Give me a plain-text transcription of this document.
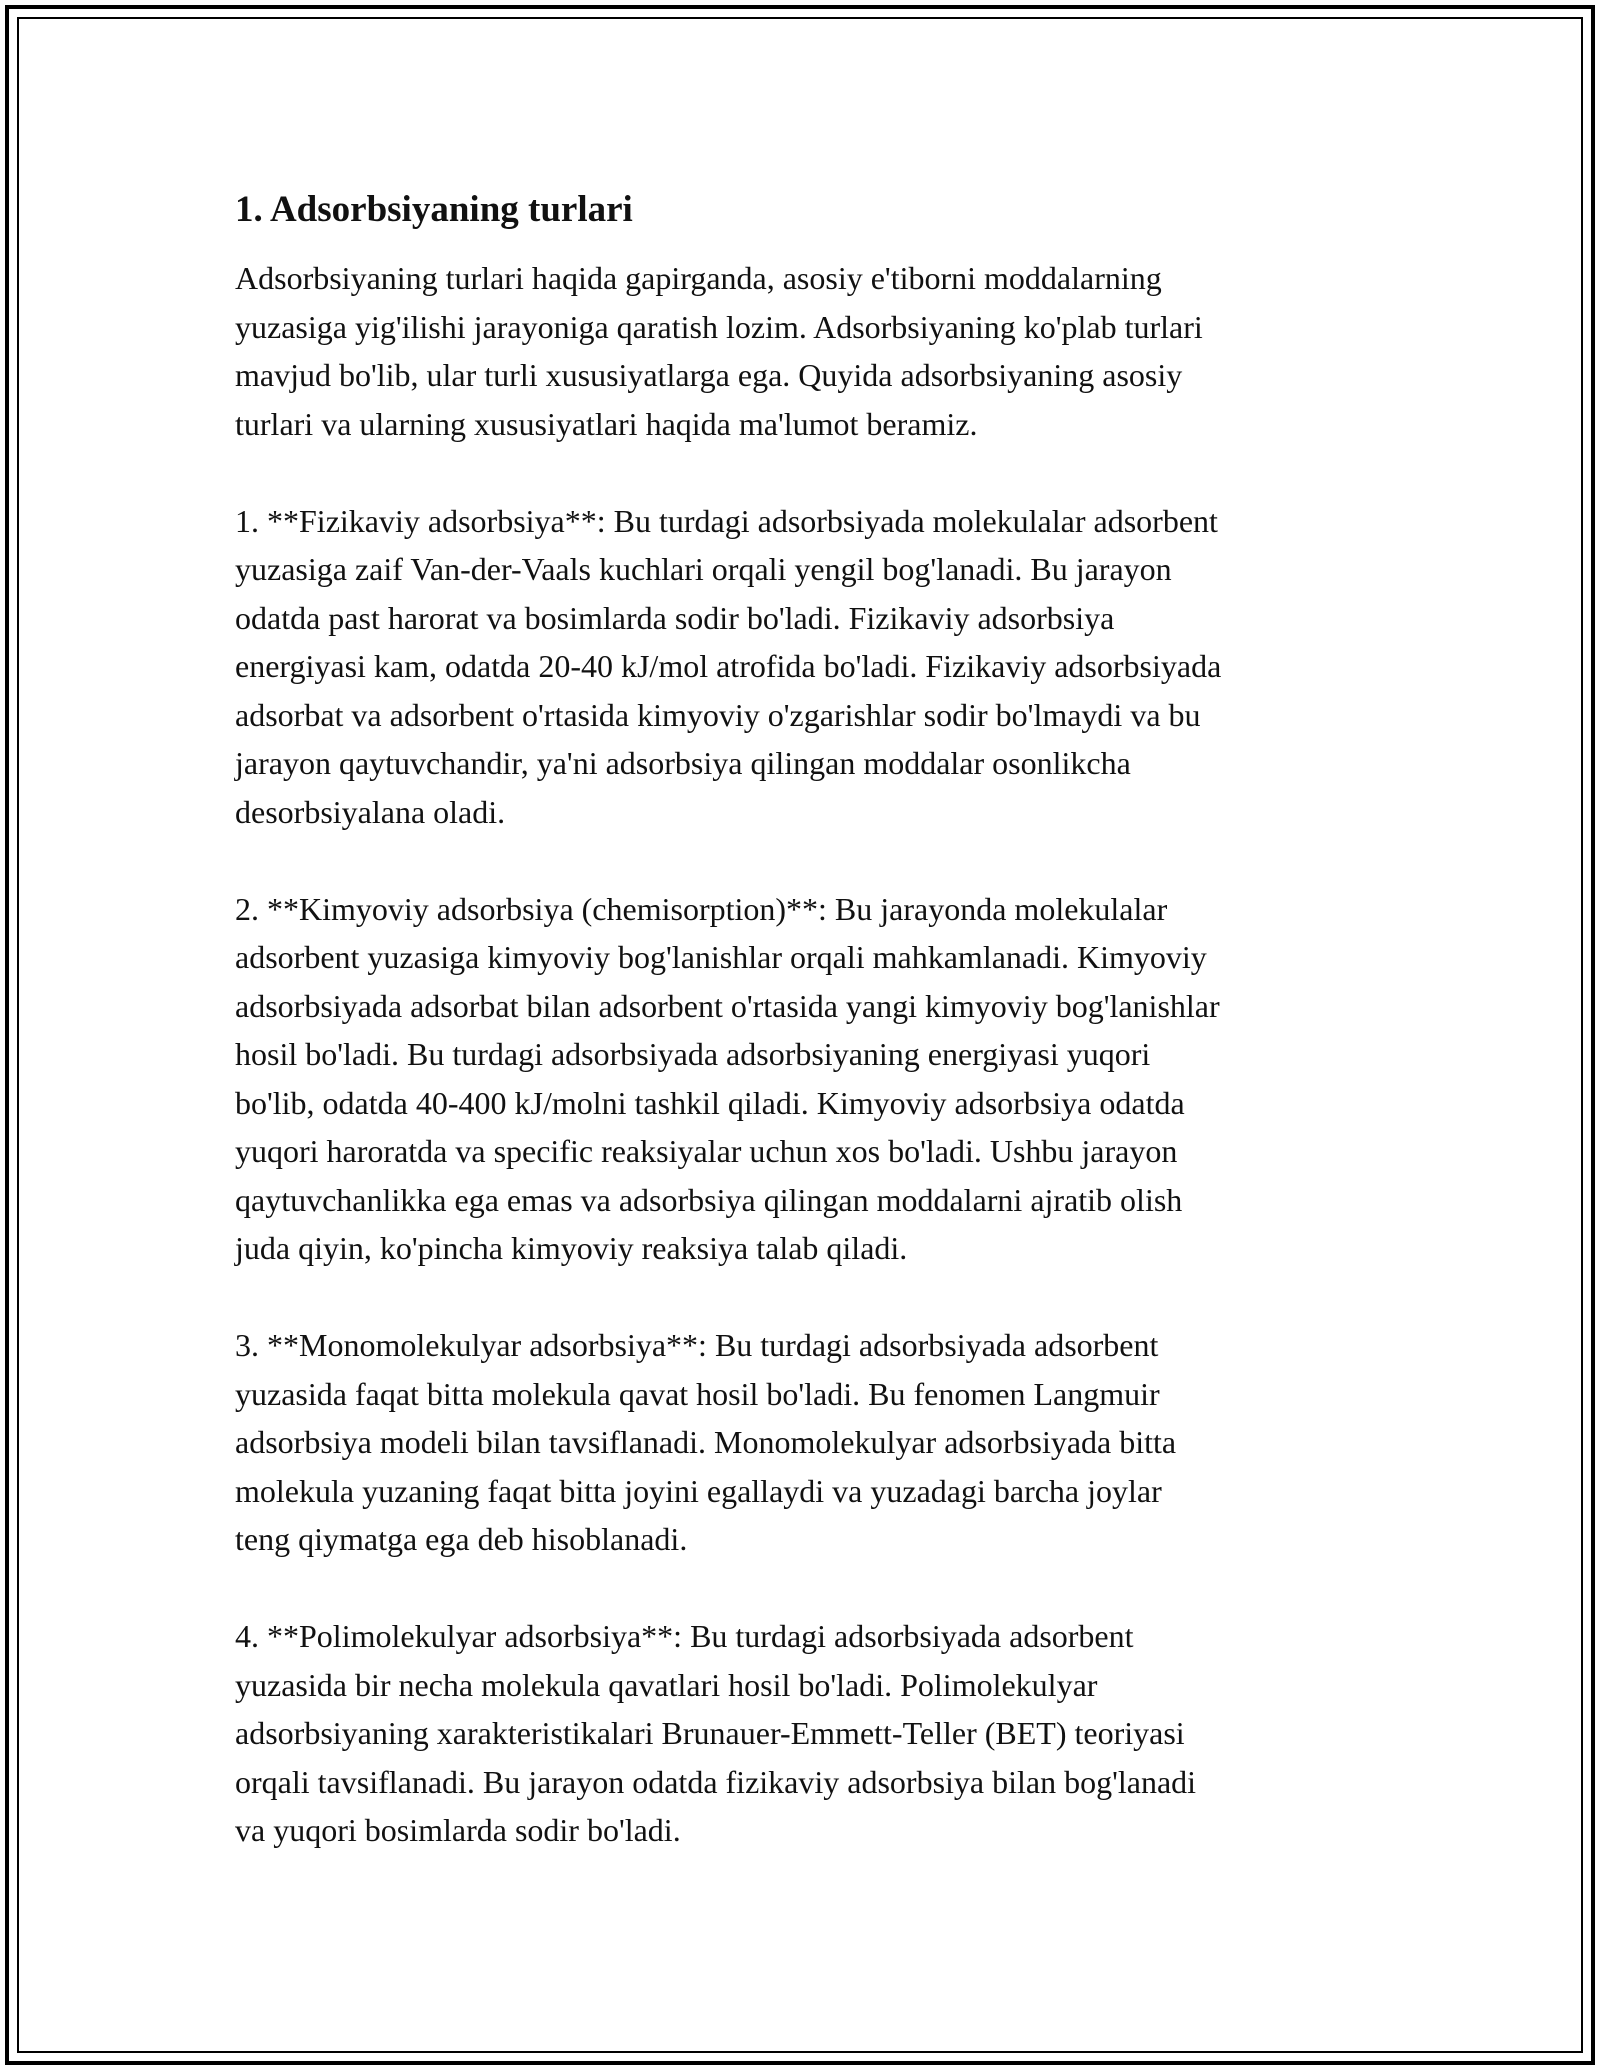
1. Adsorbsiyaning turlari

Adsorbsiyaning turlari haqida gapirganda, asosiy e'tiborni moddalarning
yuzasiga yig'ilishi jarayoniga qaratish lozim. Adsorbsiyaning ko'plab turlari
mavjud bo'lib, ular turli xususiyatlarga ega. Quyida adsorbsiyaning asosiy
turlari va ularning xususiyatlari haqida ma'lumot beramiz.

1. **Fizikaviy adsorbsiya**: Bu turdagi adsorbsiyada molekulalar adsorbent
yuzasiga zaif Van-der-Vaals kuchlari orqali yengil bog'lanadi. Bu jarayon
odatda past harorat va bosimlarda sodir bo'ladi. Fizikaviy adsorbsiya
energiyasi kam, odatda 20-40 kJ/mol atrofida bo'ladi. Fizikaviy adsorbsiyada
adsorbat va adsorbent o'rtasida kimyoviy o'zgarishlar sodir bo'lmaydi va bu
jarayon qaytuvchandir, ya'ni adsorbsiya qilingan moddalar osonlikcha
desorbsiyalana oladi.

2. **Kimyoviy adsorbsiya (chemisorption)**: Bu jarayonda molekulalar
adsorbent yuzasiga kimyoviy bog'lanishlar orqali mahkamlanadi. Kimyoviy
adsorbsiyada adsorbat bilan adsorbent o'rtasida yangi kimyoviy bog'lanishlar
hosil bo'ladi. Bu turdagi adsorbsiyada adsorbsiyaning energiyasi yuqori
bo'lib, odatda 40-400 kJ/molni tashkil qiladi. Kimyoviy adsorbsiya odatda
yuqori haroratda va specific reaksiyalar uchun xos bo'ladi. Ushbu jarayon
qaytuvchanlikka ega emas va adsorbsiya qilingan moddalarni ajratib olish
juda qiyin, ko'pincha kimyoviy reaksiya talab qiladi.

3. **Monomolekulyar adsorbsiya**: Bu turdagi adsorbsiyada adsorbent
yuzasida faqat bitta molekula qavat hosil bo'ladi. Bu fenomen Langmuir
adsorbsiya modeli bilan tavsiflanadi. Monomolekulyar adsorbsiyada bitta
molekula yuzaning faqat bitta joyini egallaydi va yuzadagi barcha joylar
teng qiymatga ega deb hisoblanadi.

4. **Polimolekulyar adsorbsiya**: Bu turdagi adsorbsiyada adsorbent
yuzasida bir necha molekula qavatlari hosil bo'ladi. Polimolekulyar
adsorbsiyaning xarakteristikalari Brunauer-Emmett-Teller (BET) teoriyasi
orqali tavsiflanadi. Bu jarayon odatda fizikaviy adsorbsiya bilan bog'lanadi
va yuqori bosimlarda sodir bo'ladi.
